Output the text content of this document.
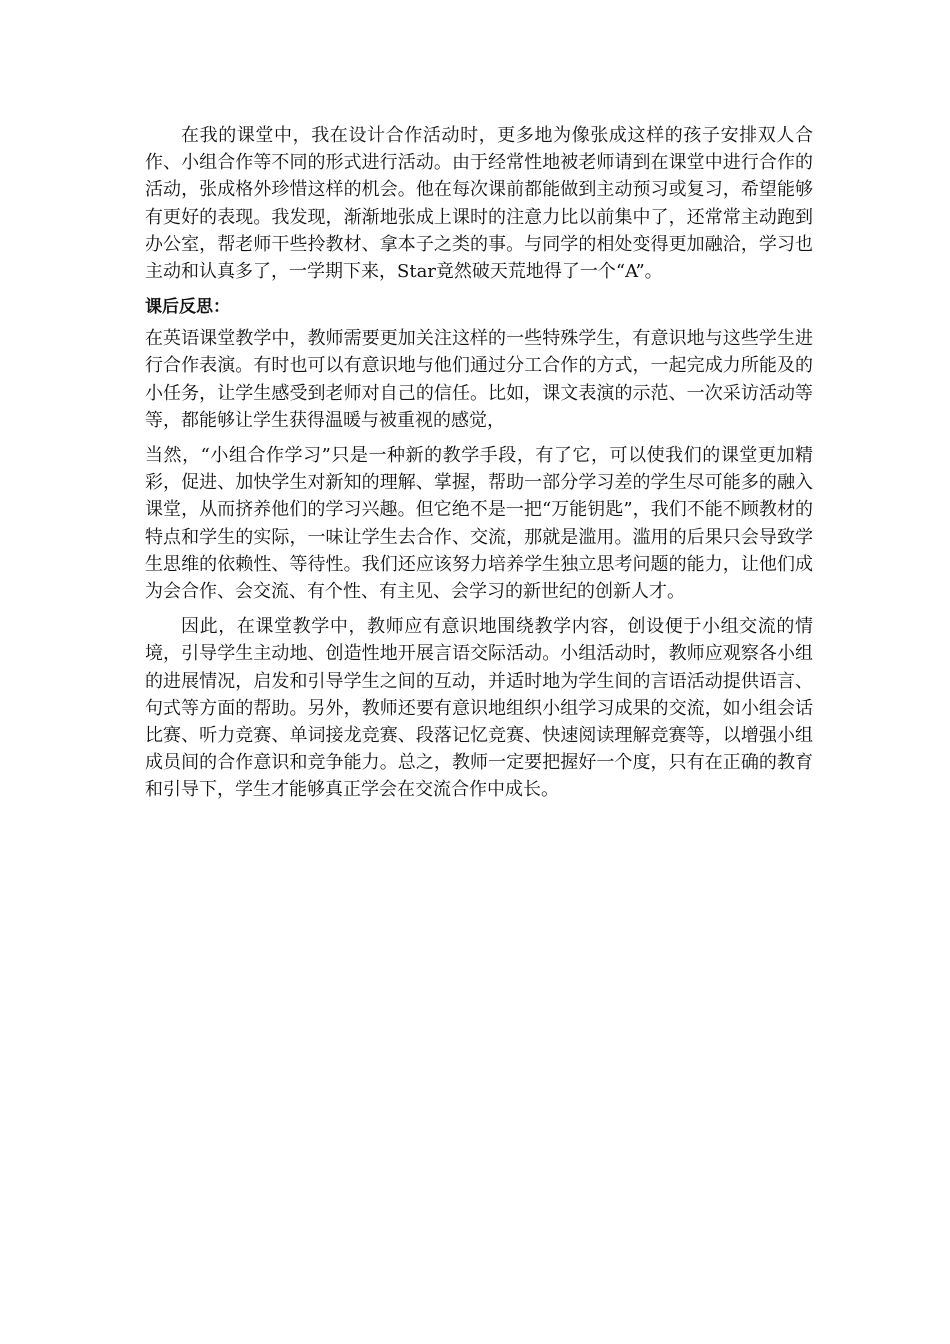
在我的课堂中，我在设计合作活动时，更多地为像张成这样的孩子安排双人合作、小组合作等不同的形式进行活动。由于经常性地被老师请到在课堂中进行合作的活动，张成格外珍惜这样的机会。他在每次课前都能做到主动预习或复习，希望能够有更好的表现。我发现，渐渐地张成上课时的注意力比以前集中了，还常常主动跑到办公室，帮老师干些拎教材、拿本子之类的事。与同学的相处变得更加融洽，学习也主动和认真多了，一学期下来，Star竟然破天荒地得了一个“A”。

课后反思：

在英语课堂教学中，教师需要更加关注这样的一些特殊学生，有意识地与这些学生进行合作表演。有时也可以有意识地与他们通过分工合作的方式，一起完成力所能及的小任务，让学生感受到老师对自己的信任。比如，课文表演的示范、一次采访活动等等，都能够让学生获得温暖与被重视的感觉，

当然，“小组合作学习”只是一种新的教学手段，有了它，可以使我们的课堂更加精彩，促进、加快学生对新知的理解、掌握，帮助一部分学习差的学生尽可能多的融入课堂，从而挤养他们的学习兴趣。但它绝不是一把“万能钥匙”，我们不能不顾教材的特点和学生的实际，一味让学生去合作、交流，那就是滥用。滥用的后果只会导致学生思维的依赖性、等待性。我们还应该努力培养学生独立思考问题的能力，让他们成为会合作、会交流、有个性、有主见、会学习的新世纪的创新人才。

因此，在课堂教学中，教师应有意识地围绕教学内容，创设便于小组交流的情境，引导学生主动地、创造性地开展言语交际活动。小组活动时，教师应观察各小组的进展情况，启发和引导学生之间的互动，并适时地为学生间的言语活动提供语言、句式等方面的帮助。另外，教师还要有意识地组织小组学习成果的交流，如小组会话比赛、听力竞赛、单词接龙竞赛、段落记忆竞赛、快速阅读理解竞赛等，以增强小组成员间的合作意识和竞争能力。总之，教师一定要把握好一个度，只有在正确的教育和引导下，学生才能够真正学会在交流合作中成长。
